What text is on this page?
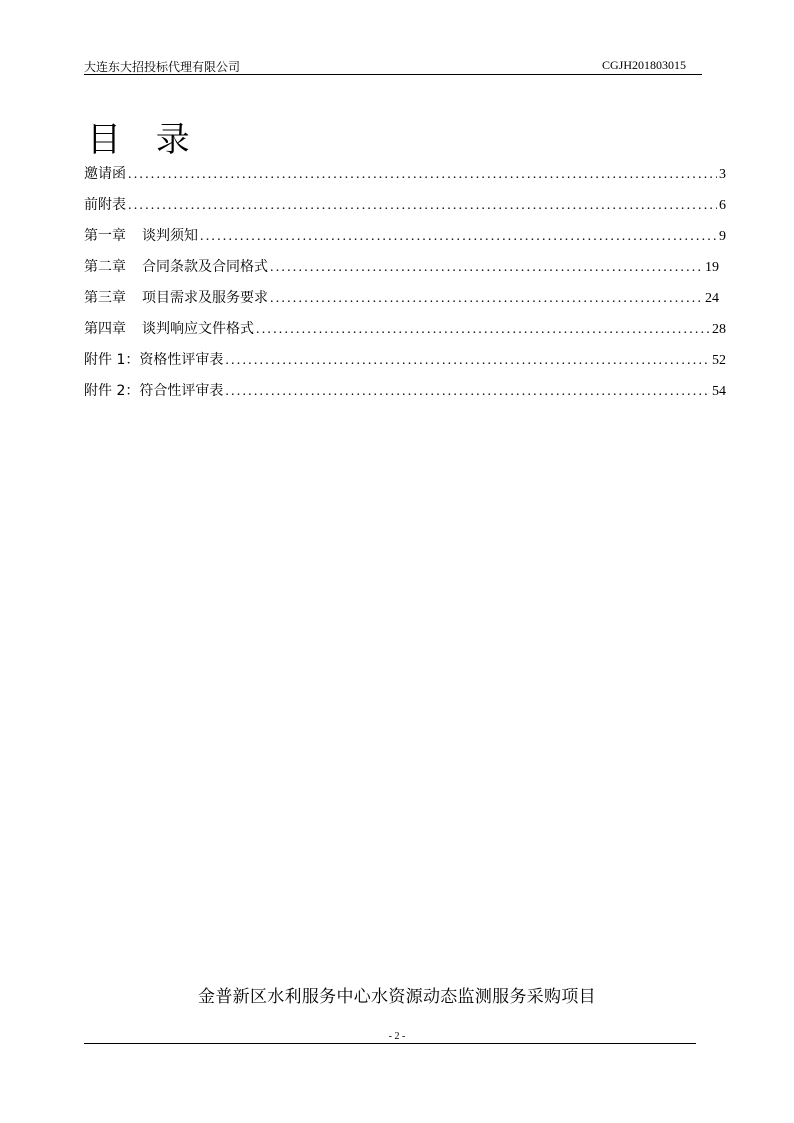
大连东大招投标代理有限公司	CGJH201803015
目 录
邀请函 .....	3
前附表 .....	6
第一章 谈判须知 .....	9
第二章 合同条款及合同格式 .....	19
第三章 项目需求及服务要求 .....	24
第四章 谈判响应文件格式 .....	28
附件 1：资格性评审表 .....	52
附件 2：符合性评审表 .....	54
金普新区水利服务中心水资源动态监测服务采购项目
- 2 -
